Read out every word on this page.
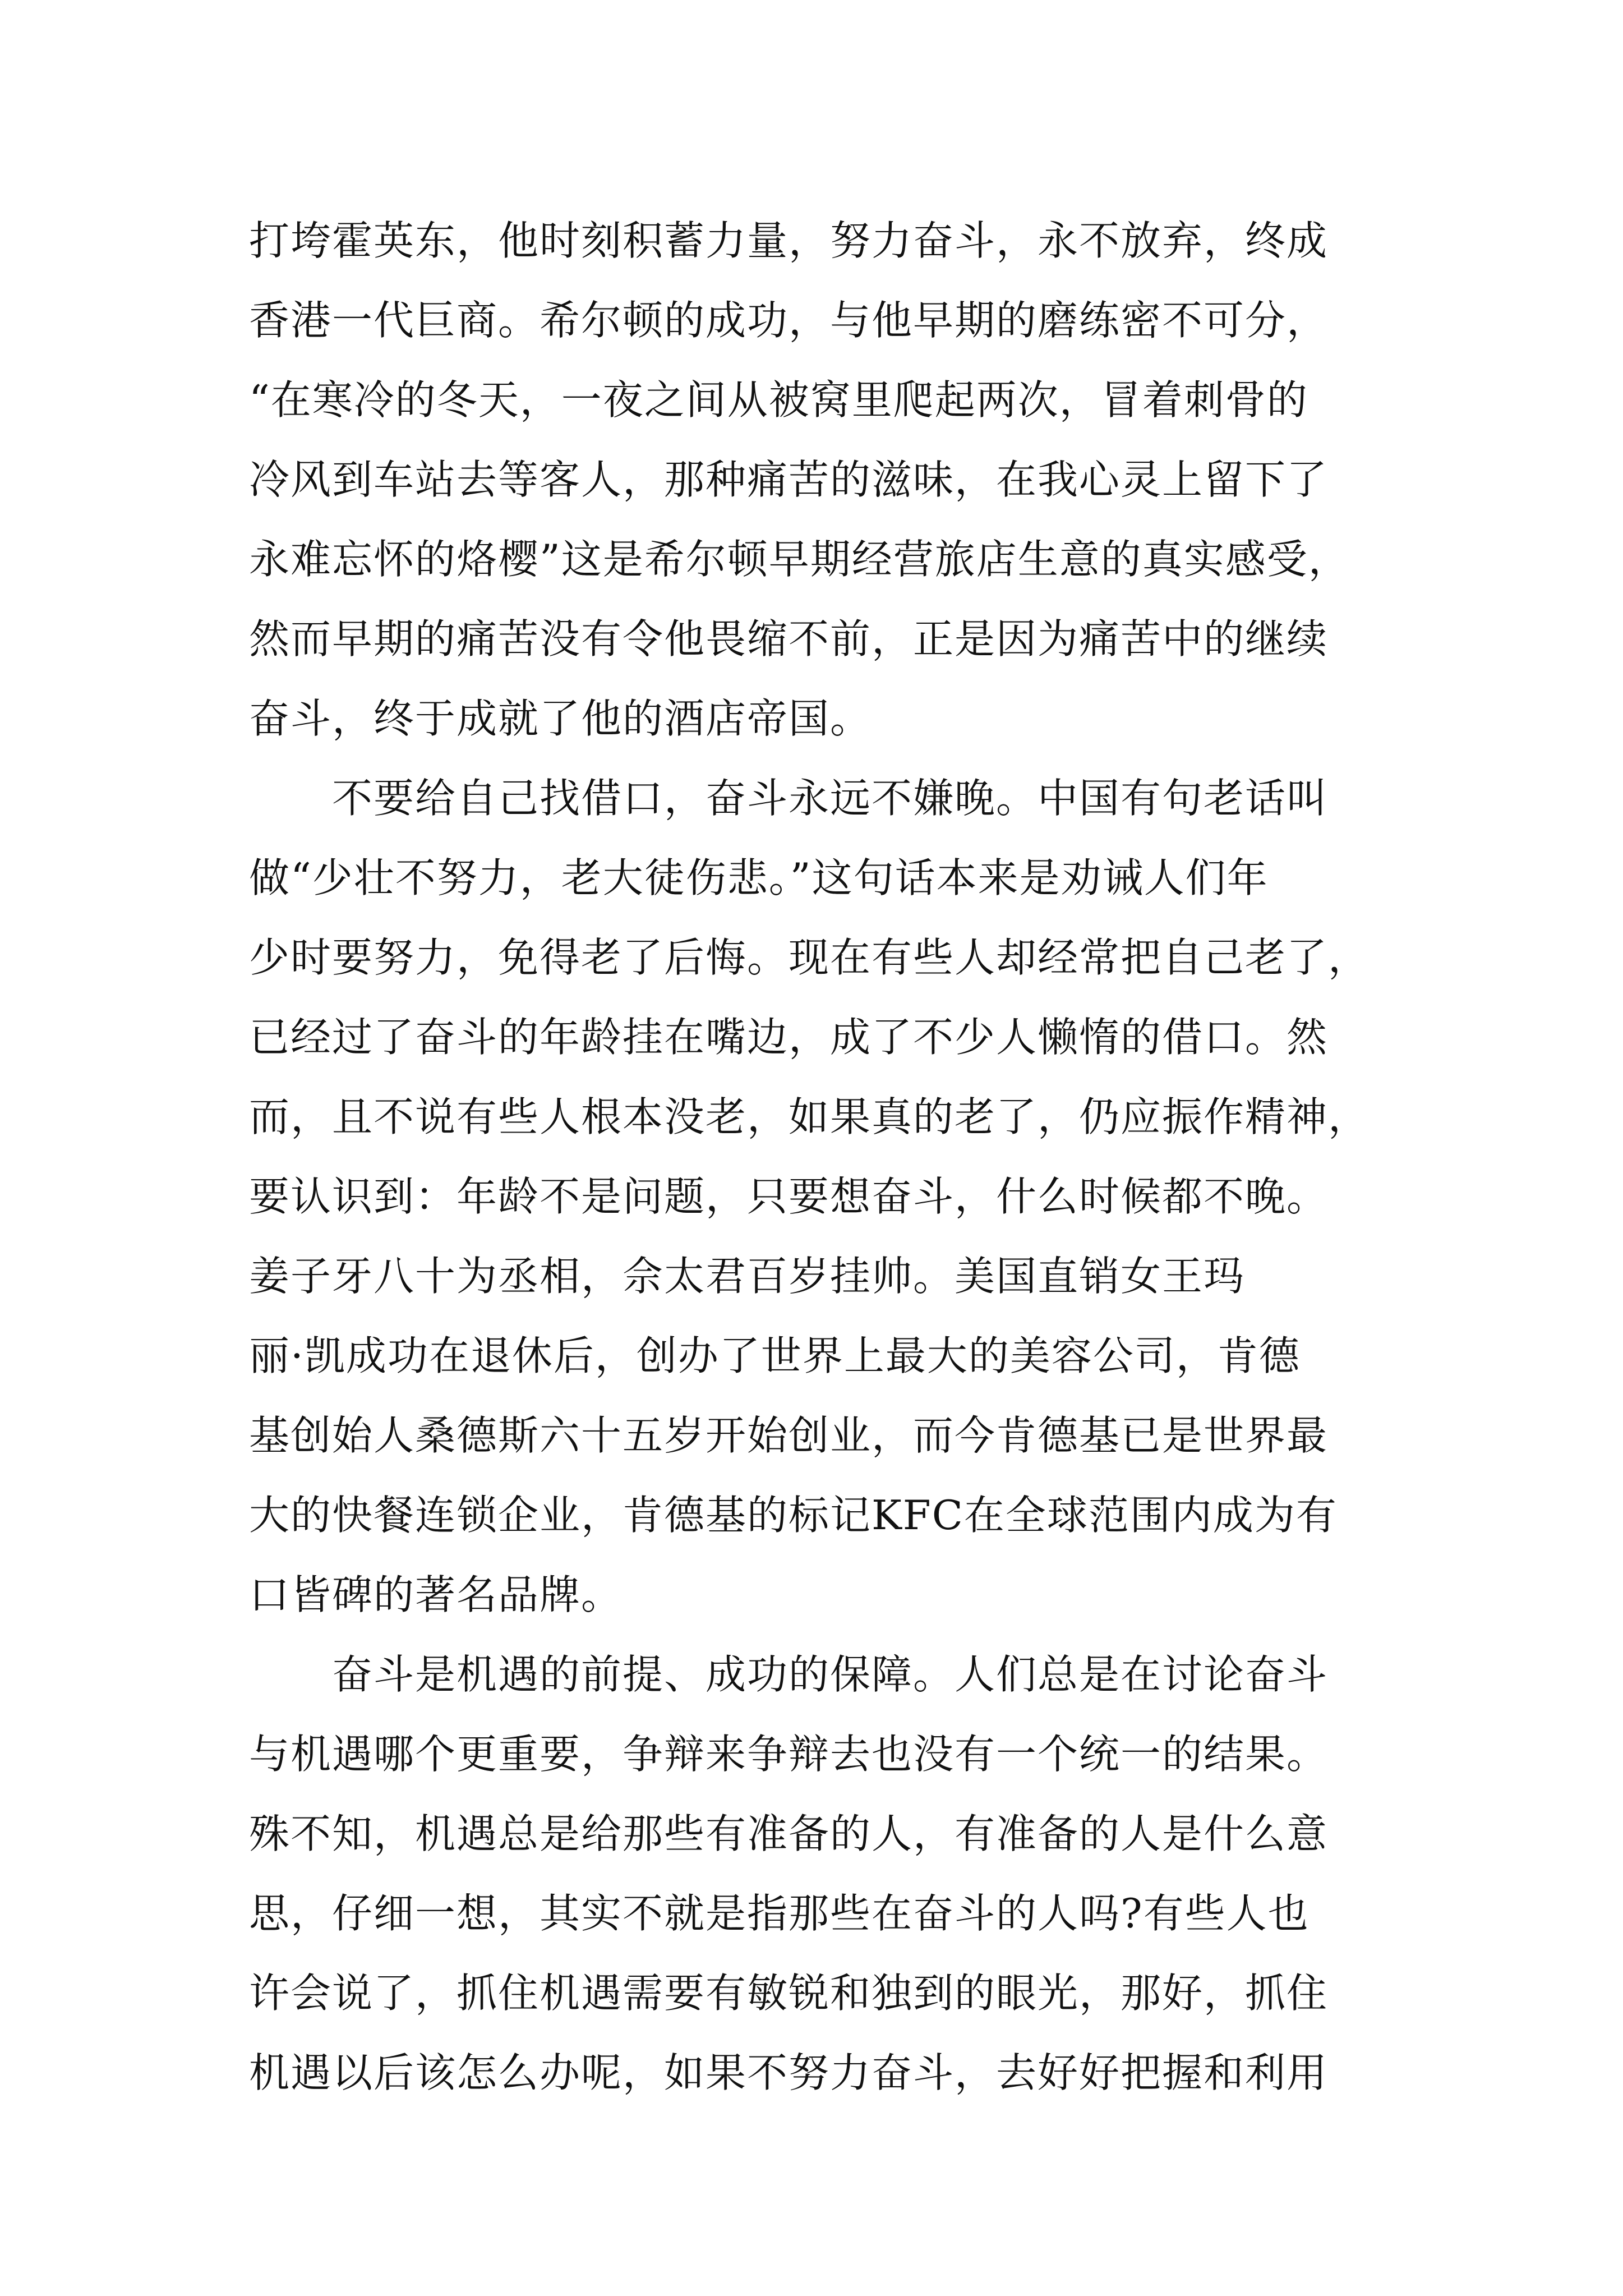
打垮霍英东，他时刻积蓄力量，努力奋斗，永不放弃，终成
香港一代巨商。希尔顿的成功，与他早期的磨练密不可分，
“在寒冷的冬天，一夜之间从被窝里爬起两次，冒着刺骨的
冷风到车站去等客人，那种痛苦的滋味，在我心灵上留下了
永难忘怀的烙樱”这是希尔顿早期经营旅店生意的真实感受，
然而早期的痛苦没有令他畏缩不前，正是因为痛苦中的继续
奋斗，终于成就了他的酒店帝国。
　　不要给自己找借口，奋斗永远不嫌晚。中国有句老话叫
做“少壮不努力，老大徒伤悲。”这句话本来是劝诫人们年
少时要努力，免得老了后悔。现在有些人却经常把自己老了，
已经过了奋斗的年龄挂在嘴边，成了不少人懒惰的借口。然
而，且不说有些人根本没老，如果真的老了，仍应振作精神，
要认识到：年龄不是问题，只要想奋斗，什么时候都不晚。
姜子牙八十为丞相，佘太君百岁挂帅。美国直销女王玛
丽·凯成功在退休后，创办了世界上最大的美容公司，肯德
基创始人桑德斯六十五岁开始创业，而今肯德基已是世界最
大的快餐连锁企业，肯德基的标记KFC在全球范围内成为有
口皆碑的著名品牌。
　　奋斗是机遇的前提、成功的保障。人们总是在讨论奋斗
与机遇哪个更重要，争辩来争辩去也没有一个统一的结果。
殊不知，机遇总是给那些有准备的人，有准备的人是什么意
思，仔细一想，其实不就是指那些在奋斗的人吗?有些人也
许会说了，抓住机遇需要有敏锐和独到的眼光，那好，抓住
机遇以后该怎么办呢，如果不努力奋斗，去好好把握和利用
